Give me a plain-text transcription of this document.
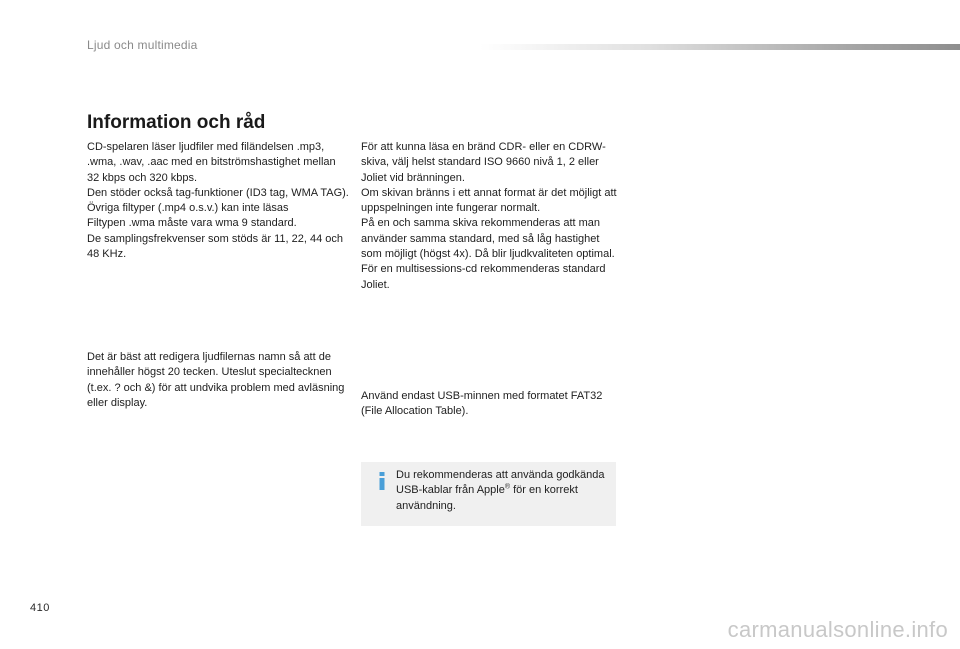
Ljud och multimedia
Information och råd

CD-spelaren läser ljudfiler med filändelsen .mp3, .wma, .wav, .aac med en bitströmshastighet mellan 32 kbps och 320 kbps.

Den stöder också tag-funktioner (ID3 tag, WMA TAG).

Övriga filtyper (.mp4 o.s.v.) kan inte läsas

Filtypen .wma måste vara wma 9 standard.

De samplingsfrekvenser som stöds är 11, 22, 44 och 48 KHz.

Det är bäst att redigera ljudfilernas namn så att de innehåller högst 20 tecken. Uteslut specialtecknen (t.ex. ? och &) för att undvika problem med avläsning eller display.

För att kunna läsa en bränd CDR- eller en CDRW-skiva, välj helst standard ISO 9660 nivå 1, 2 eller Joliet vid bränningen.

Om skivan bränns i ett annat format är det möjligt att uppspelningen inte fungerar normalt.

På en och samma skiva rekommenderas att man använder samma standard, med så låg hastighet som möjligt (högst 4x). Då blir ljudkvaliteten optimal.

För en multisessions-cd rekommenderas standard Joliet.

Använd endast USB-minnen med formatet FAT32 (File Allocation Table).

Du rekommenderas att använda godkända USB-kablar från Apple® för en korrekt användning.

410
carmanualsonline.info
